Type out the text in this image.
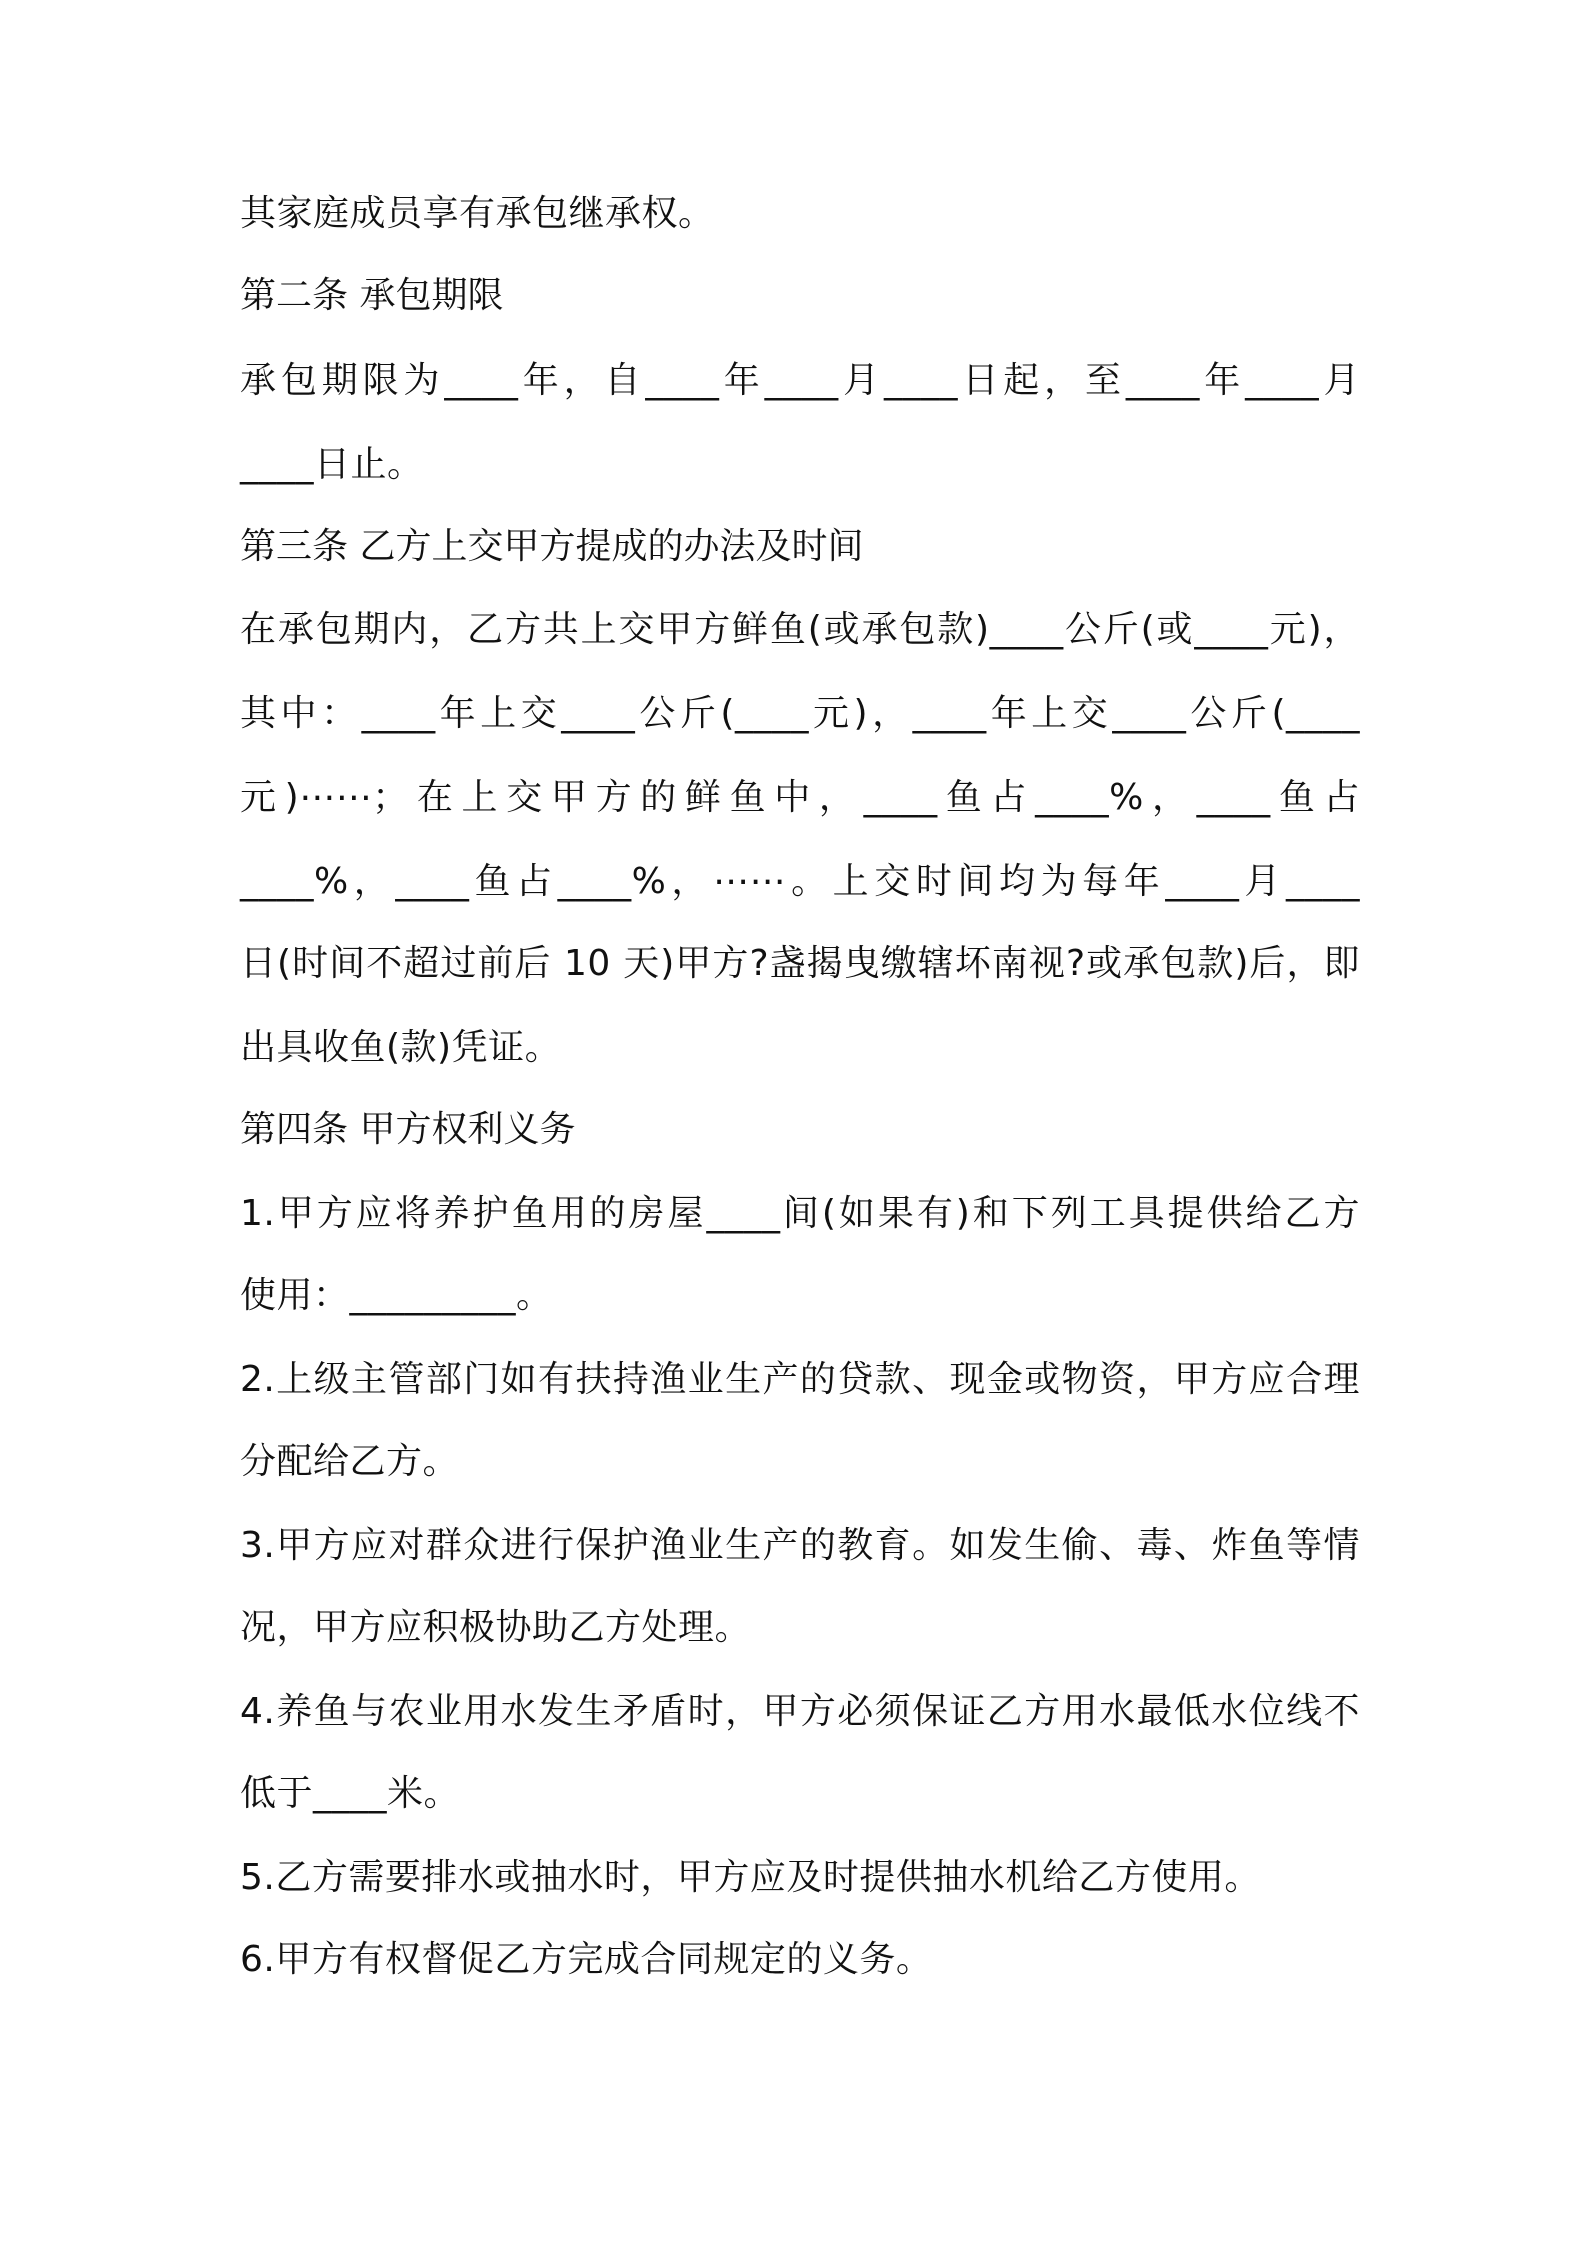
其家庭成员享有承包继承权。
第二条 承包期限
承包期限为____年，自____年____月____日起，至____年____月
____日止。
第三条 乙方上交甲方提成的办法及时间
在承包期内，乙方共上交甲方鲜鱼(或承包款)____公斤(或____元)，
其中：____年上交____公斤(____元)，____年上交____公斤(____
元)⋯⋯；在上交甲方的鲜鱼中，____鱼占____%，____鱼占
____%，____鱼占____%，⋯⋯。上交时间均为每年____月____
日(时间不超过前后 10 天)甲方?盏揭曳缴辖坏南视?或承包款)后，即
出具收鱼(款)凭证。
第四条 甲方权利义务
1.甲方应将养护鱼用的房屋____间(如果有)和下列工具提供给乙方
使用：_________。
2.上级主管部门如有扶持渔业生产的贷款、现金或物资，甲方应合理
分配给乙方。
3.甲方应对群众进行保护渔业生产的教育。如发生偷、毒、炸鱼等情
况，甲方应积极协助乙方处理。
4.养鱼与农业用水发生矛盾时，甲方必须保证乙方用水最低水位线不
低于____米。
5.乙方需要排水或抽水时，甲方应及时提供抽水机给乙方使用。
6.甲方有权督促乙方完成合同规定的义务。
